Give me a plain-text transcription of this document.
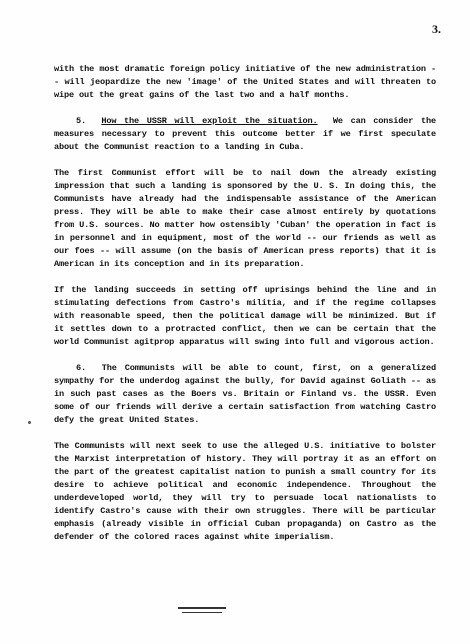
3.

with the most dramatic foreign policy initiative of the new administration -- will jeopardize the new 'image' of the United States and will threaten to wipe out the great gains of the last two and a half months.

5. How the USSR will exploit the situation. We can consider the measures necessary to prevent this outcome better if we first speculate about the Communist reaction to a landing in Cuba.

The first Communist effort will be to nail down the already existing impression that such a landing is sponsored by the U. S. In doing this, the Communists have already had the indispensable assistance of the American press. They will be able to make their case almost entirely by quotations from U.S. sources. No matter how ostensibly 'Cuban' the operation in fact is in personnel and in equipment, most of the world -- our friends as well as our foes -- will assume (on the basis of American press reports) that it is American in its conception and in its preparation.

If the landing succeeds in setting off uprisings behind the line and in stimulating defections from Castro's militia, and if the regime collapses with reasonable speed, then the political damage will be minimized. But if it settles down to a protracted conflict, then we can be certain that the world Communist agitprop apparatus will swing into full and vigorous action.

6. The Communists will be able to count, first, on a generalized sympathy for the underdog against the bully, for David against Goliath -- as in such past cases as the Boers vs. Britain or Finland vs. the USSR. Even some of our friends will derive a certain satisfaction from watching Castro defy the great United States.

The Communists will next seek to use the alleged U.S. initiative to bolster the Marxist interpretation of history. They will portray it as an effort on the part of the greatest capitalist nation to punish a small country for its desire to achieve political and economic independence. Throughout the underdeveloped world, they will try to persuade local nationalists to identify Castro's cause with their own struggles. There will be particular emphasis (already visible in official Cuban propaganda) on Castro as the defender of the colored races against white imperialism.
